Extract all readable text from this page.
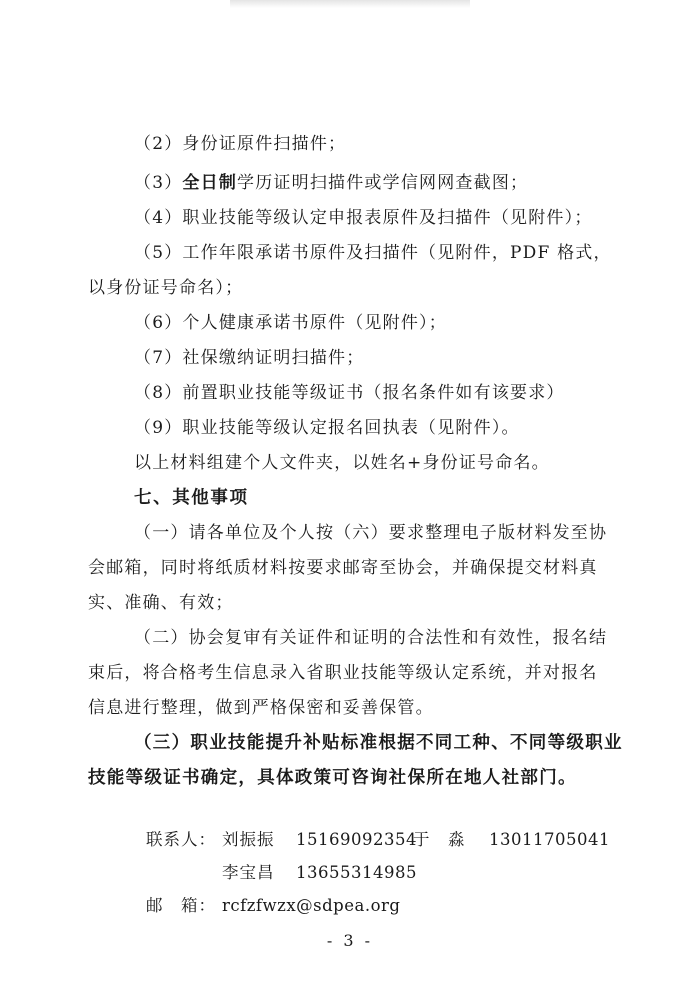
（2）身份证原件扫描件；
（3）全日制学历证明扫描件或学信网网查截图；
（4）职业技能等级认定申报表原件及扫描件（见附件）；
（5）工作年限承诺书原件及扫描件（见附件，PDF 格式，
以身份证号命名）；
（6）个人健康承诺书原件（见附件）；
（7）社保缴纳证明扫描件；
（8）前置职业技能等级证书（报名条件如有该要求）
（9）职业技能等级认定报名回执表（见附件）。
以上材料组建个人文件夹，以姓名+身份证号命名。
七、其他事项
（一）请各单位及个人按（六）要求整理电子版材料发至协
会邮箱，同时将纸质材料按要求邮寄至协会，并确保提交材料真
实、准确、有效；
（二）协会复审有关证件和证明的合法性和有效性，报名结
束后，将合格考生信息录入省职业技能等级认定系统，并对报名
信息进行整理，做到严格保密和妥善保管。
（三）职业技能提升补贴标准根据不同工种、不同等级职业
技能等级证书确定，具体政策可咨询社保所在地人社部门。
联系人： 刘振振 15169092354
于　淼 13011705041
李宝昌 13655314985
邮　箱： rcfzfwzx@sdpea.org
- 3 -
